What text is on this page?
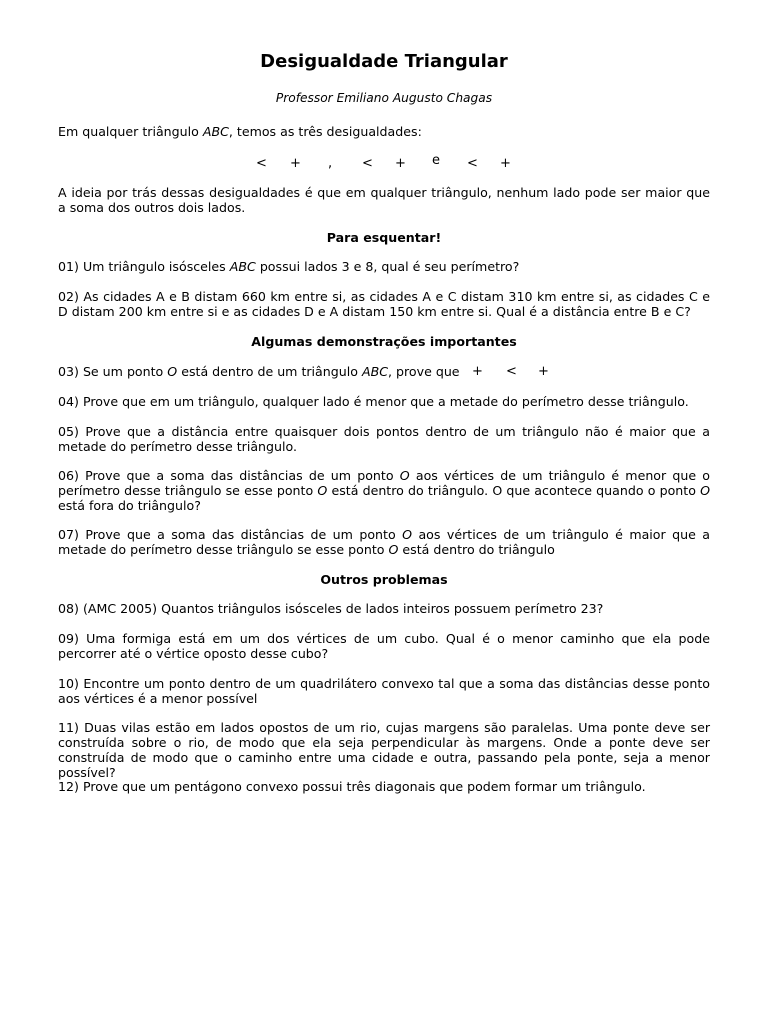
Desigualdade Triangular
Professor Emiliano Augusto Chagas

Em qualquer triângulo ABC, temos as três desigualdades:

< + , < + e < +

A ideia por trás dessas desigualdades é que em qualquer triângulo, nenhum lado pode ser maior que a soma dos outros dois lados.

Para esquentar!

01) Um triângulo isósceles ABC possui lados 3 e 8, qual é seu perímetro?

02) As cidades A e B distam 660 km entre si, as cidades A e C distam 310 km entre si, as cidades C e D distam 200 km entre si e as cidades D e A distam 150 km entre si. Qual é a distância entre B e C?

Algumas demonstrações importantes

03) Se um ponto O está dentro de um triângulo ABC, prove que + < +

04) Prove que em um triângulo, qualquer lado é menor que a metade do perímetro desse triângulo.

05) Prove que a distância entre quaisquer dois pontos dentro de um triângulo não é maior que a metade do perímetro desse triângulo.

06) Prove que a soma das distâncias de um ponto O aos vértices de um triângulo é menor que o perímetro desse triângulo se esse ponto O está dentro do triângulo. O que acontece quando o ponto O está fora do triângulo?

07) Prove que a soma das distâncias de um ponto O aos vértices de um triângulo é maior que a metade do perímetro desse triângulo se esse ponto O está dentro do triângulo

Outros problemas

08) (AMC 2005) Quantos triângulos isósceles de lados inteiros possuem perímetro 23?

09) Uma formiga está em um dos vértices de um cubo. Qual é o menor caminho que ela pode percorrer até o vértice oposto desse cubo?

10) Encontre um ponto dentro de um quadrilátero convexo tal que a soma das distâncias desse ponto aos vértices é a menor possível

11) Duas vilas estão em lados opostos de um rio, cujas margens são paralelas. Uma ponte deve ser construída sobre o rio, de modo que ela seja perpendicular às margens. Onde a ponte deve ser construída de modo que o caminho entre uma cidade e outra, passando pela ponte, seja a menor possível?

12) Prove que um pentágono convexo possui três diagonais que podem formar um triângulo.
